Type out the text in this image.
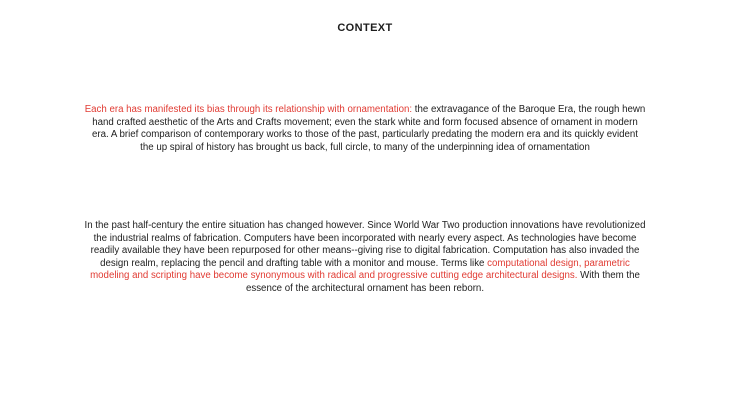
CONTEXT

Each era has manifested its bias through its relationship with ornamentation: the extravagance of the Baroque Era, the rough hewn hand crafted aesthetic of the Arts and Crafts movement; even the stark white and form focused absence of ornament in modern era. A brief comparison of contemporary works to those of the past, particularly predating the modern era and its quickly evident the up spiral of history has brought us back, full circle, to many of the underpinning idea of ornamentation

In the past half-century the entire situation has changed however. Since World War Two production innovations have revolutionized the industrial realms of fabrication. Computers have been incorporated with nearly every aspect. As technologies have become readily available they have been repurposed for other means--giving rise to digital fabrication. Computation has also invaded the design realm, replacing the pencil and drafting table with a monitor and mouse. Terms like computational design, parametric modeling and scripting have become synonymous with radical and progressive cutting edge architectural designs. With them the essence of the architectural ornament has been reborn.
